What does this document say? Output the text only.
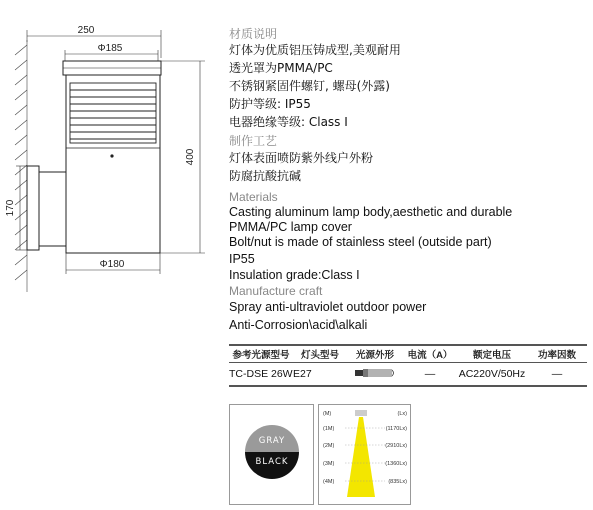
250
Φ185
170
400
Φ180
材质说明
灯体为优质铝压铸成型,美观耐用
透光罩为PMMA/PC
不锈钢紧固件螺钉, 螺母(外露)
防护等级: IP55
电器绝缘等级: Class Ⅰ
制作工艺
灯体表面喷防紫外线户外粉
防腐抗酸抗碱
Materials
Casting aluminum lamp body,aesthetic and durable
PMMA/PC lamp cover
Bolt/nut is made of stainless steel (outside part)
IP55
Insulation grade:Class I
Manufacture craft
Spray anti-ultraviolet outdoor power
Anti-Corrosion\acid\alkali
参考光源型号	灯头型号	光源外形	电流（A）	额定电压	功率因数
TC-DSE 26W	E27		—	AC220V/50Hz	—
GRAY
BLACK
(M)	(Lx)
(1M)	(1170Lx)
(2M)	(2910Lx)
(3M)	(1360Lx)
(4M)	(835Lx)
